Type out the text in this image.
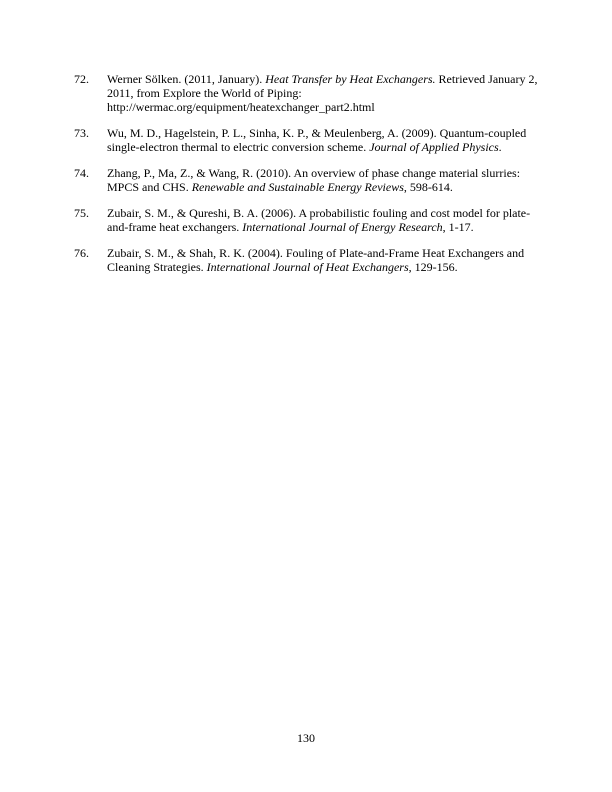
72.	Werner Sölken. (2011, January). Heat Transfer by Heat Exchangers. Retrieved January 2, 2011, from Explore the World of Piping: http://wermac.org/equipment/heatexchanger_part2.html
73.	Wu, M. D., Hagelstein, P. L., Sinha, K. P., & Meulenberg, A. (2009). Quantum-coupled single-electron thermal to electric conversion scheme. Journal of Applied Physics.
74.	Zhang, P., Ma, Z., & Wang, R. (2010). An overview of phase change material slurries: MPCS and CHS. Renewable and Sustainable Energy Reviews, 598-614.
75.	Zubair, S. M., & Qureshi, B. A. (2006). A probabilistic fouling and cost model for plate-and-frame heat exchangers. International Journal of Energy Research, 1-17.
76.	Zubair, S. M., & Shah, R. K. (2004). Fouling of Plate-and-Frame Heat Exchangers and Cleaning Strategies. International Journal of Heat Exchangers, 129-156.
130
